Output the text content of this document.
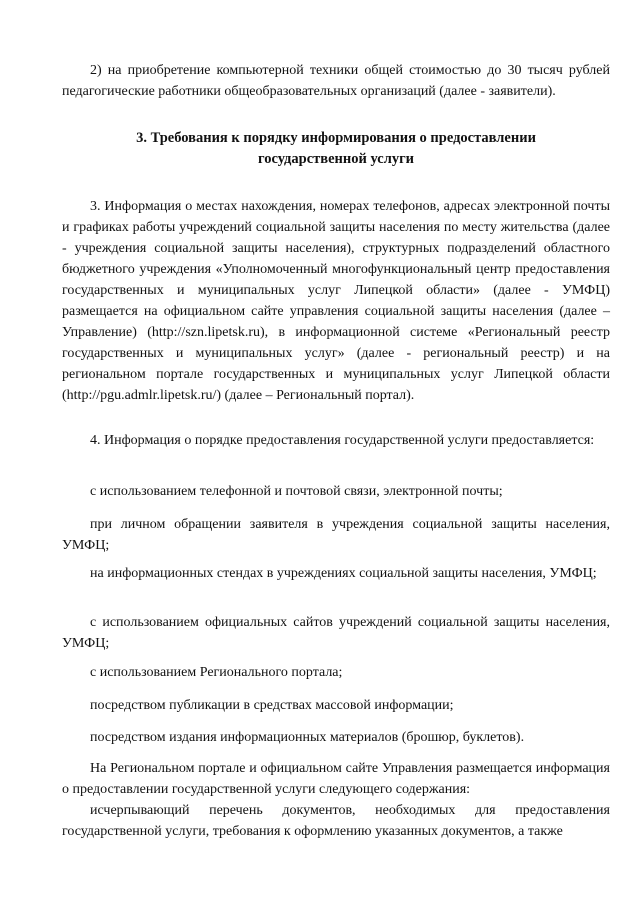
2) на приобретение компьютерной техники общей стоимостью до 30 тысяч рублей педагогические работники общеобразовательных организаций (далее - заявители).

3. Требования к порядку информирования о предоставлении
государственной услуги

3. Информация о местах нахождения, номерах телефонов, адресах электронной почты и графиках работы учреждений социальной защиты населения по месту жительства (далее - учреждения социальной защиты населения), структурных подразделений областного бюджетного учреждения «Уполномоченный многофункциональный центр предоставления государственных и муниципальных услуг Липецкой области» (далее - УМФЦ) размещается на официальном сайте управления социальной защиты населения (далее –Управление) (http://szn.lipetsk.ru), в информационной системе «Региональный реестр государственных и муниципальных услуг» (далее - региональный реестр) и на региональном портале государственных и муниципальных услуг Липецкой области (http://pgu.admlr.lipetsk.ru/) (далее – Региональный портал).

4. Информация о порядке предоставления государственной услуги предоставляется:

с использованием телефонной и почтовой связи, электронной почты;

при личном обращении заявителя в учреждения социальной защиты населения, УМФЦ;

на информационных стендах в учреждениях социальной защиты населения, УМФЦ;

с использованием официальных сайтов учреждений социальной защиты населения, УМФЦ;

с использованием Регионального портала;

посредством публикации в средствах массовой информации;

посредством издания информационных материалов (брошюр, буклетов).

На Региональном портале и официальном сайте Управления размещается информация о предоставлении государственной услуги следующего содержания:

исчерпывающий перечень документов, необходимых для предоставления государственной услуги, требования к оформлению указанных документов, а также
